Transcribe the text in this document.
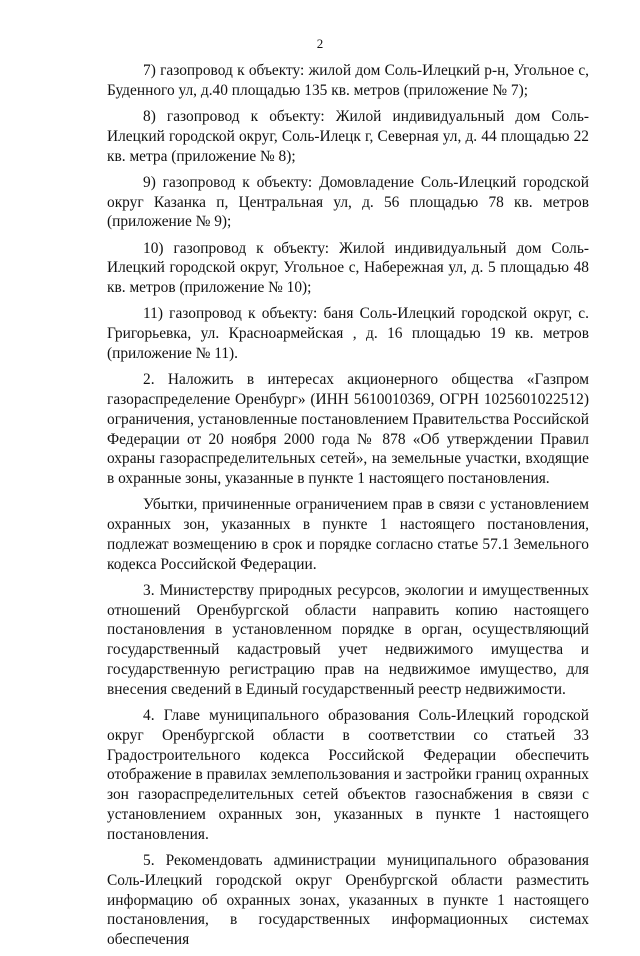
2

7) газопровод к объекту: жилой дом Соль-Илецкий р-н, Угольное с, Буденного ул, д.40 площадью 135 кв. метров (приложение № 7);

8) газопровод к объекту: Жилой индивидуальный дом Соль-Илецкий городской округ, Соль-Илецк г, Северная ул, д. 44 площадью 22 кв. метра (приложение № 8);

9) газопровод к объекту: Домовладение Соль-Илецкий городской округ Казанка п, Центральная ул, д. 56 площадью 78 кв. метров (приложение № 9);

10) газопровод к объекту: Жилой индивидуальный дом Соль-Илецкий городской округ, Угольное с, Набережная ул, д. 5 площадью 48 кв. метров (приложение № 10);

11) газопровод к объекту: баня Соль-Илецкий городской округ, с. Григорьевка, ул. Красноармейская , д. 16 площадью 19 кв. метров (приложение № 11).

2. Наложить в интересах акционерного общества «Газпром газораспределение Оренбург» (ИНН 5610010369, ОГРН 1025601022512) ограничения, установленные постановлением Правительства Российской Федерации от 20 ноября 2000 года № 878 «Об утверждении Правил охраны газораспределительных сетей», на земельные участки, входящие в охранные зоны, указанные в пункте 1 настоящего постановления.

Убытки, причиненные ограничением прав в связи с установлением охранных зон, указанных в пункте 1 настоящего постановления, подлежат возмещению в срок и порядке согласно статье 57.1 Земельного кодекса Российской Федерации.

3. Министерству природных ресурсов, экологии и имущественных отношений Оренбургской области направить копию настоящего постановления в установленном порядке в орган, осуществляющий государственный кадастровый учет недвижимого имущества и государственную регистрацию прав на недвижимое имущество, для внесения сведений в Единый государственный реестр недвижимости.

4. Главе муниципального образования Соль-Илецкий городской округ Оренбургской области в соответствии со статьей 33 Градостроительного кодекса Российской Федерации обеспечить отображение в правилах землепользования и застройки границ охранных зон газораспределительных сетей объектов газоснабжения в связи с установлением охранных зон, указанных в пункте 1 настоящего постановления.

5. Рекомендовать администрации муниципального образования Соль-Илецкий городской округ Оренбургской области разместить информацию об охранных зонах, указанных в пункте 1 настоящего постановления, в государственных информационных системах обеспечения
